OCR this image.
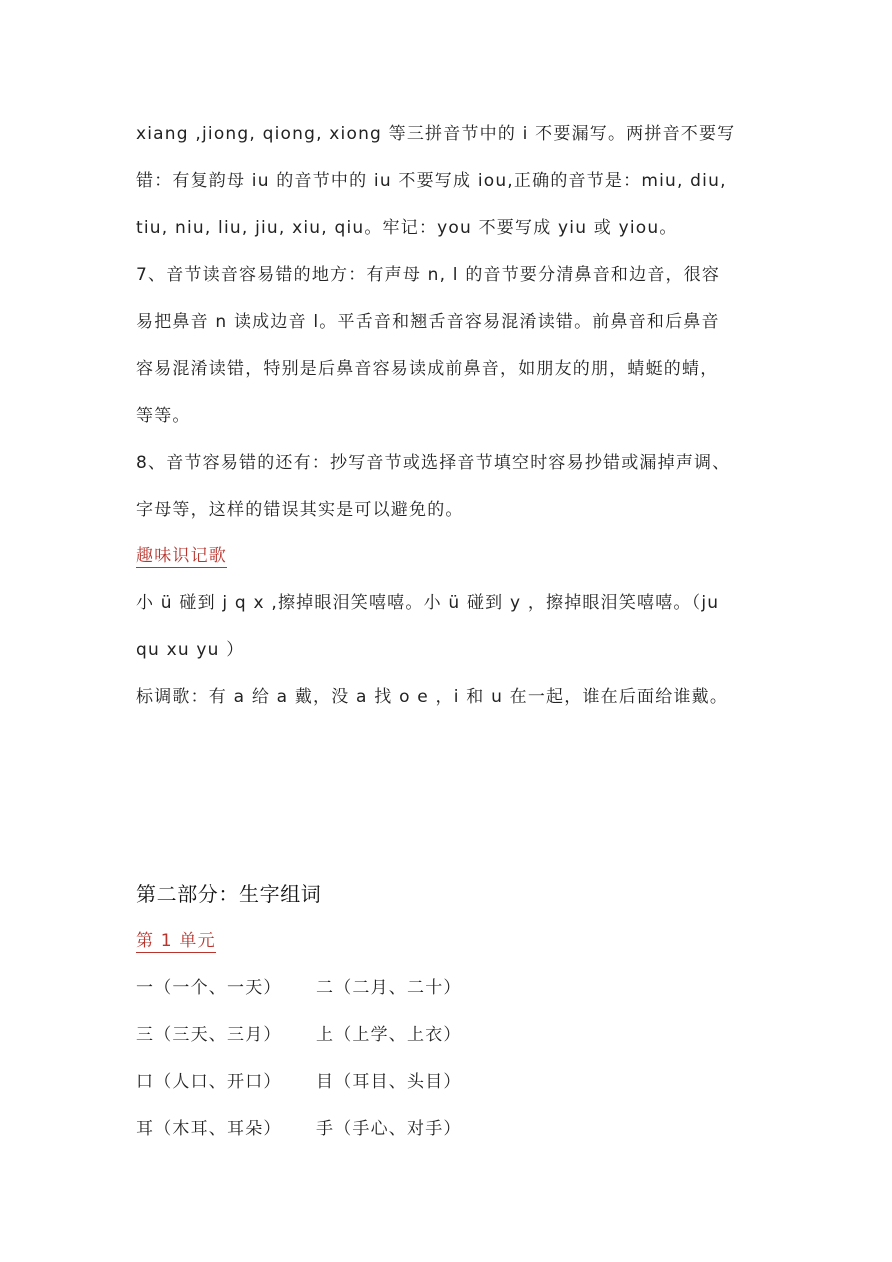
xiang ,jiong, qiong, xiong 等三拼音节中的 i 不要漏写。两拼音不要写
错：有复韵母 iu 的音节中的 iu 不要写成 iou,正确的音节是：miu, diu,
tiu, niu, liu, jiu, xiu, qiu。牢记：you 不要写成 yiu 或 yiou。
7、音节读音容易错的地方：有声母 n, l 的音节要分清鼻音和边音，很容
易把鼻音 n 读成边音 l。平舌音和翘舌音容易混淆读错。前鼻音和后鼻音
容易混淆读错，特别是后鼻音容易读成前鼻音，如朋友的朋，蜻蜓的蜻，
等等。
8、音节容易错的还有：抄写音节或选择音节填空时容易抄错或漏掉声调、
字母等，这样的错误其实是可以避免的。
趣味识记歌
小 ü 碰到 j q x ,擦掉眼泪笑嘻嘻。小 ü 碰到 y ，擦掉眼泪笑嘻嘻。（ju
qu xu yu ）
标调歌：有 a 给 a 戴，没 a 找 o e ，i 和 u 在一起，谁在后面给谁戴。
第二部分：生字组词
第 1 单元
一（一个、一天） 二（二月、二十）
三（三天、三月） 上（上学、上衣）
口（人口、开口） 目（耳目、头目）
耳（木耳、耳朵） 手（手心、对手）
